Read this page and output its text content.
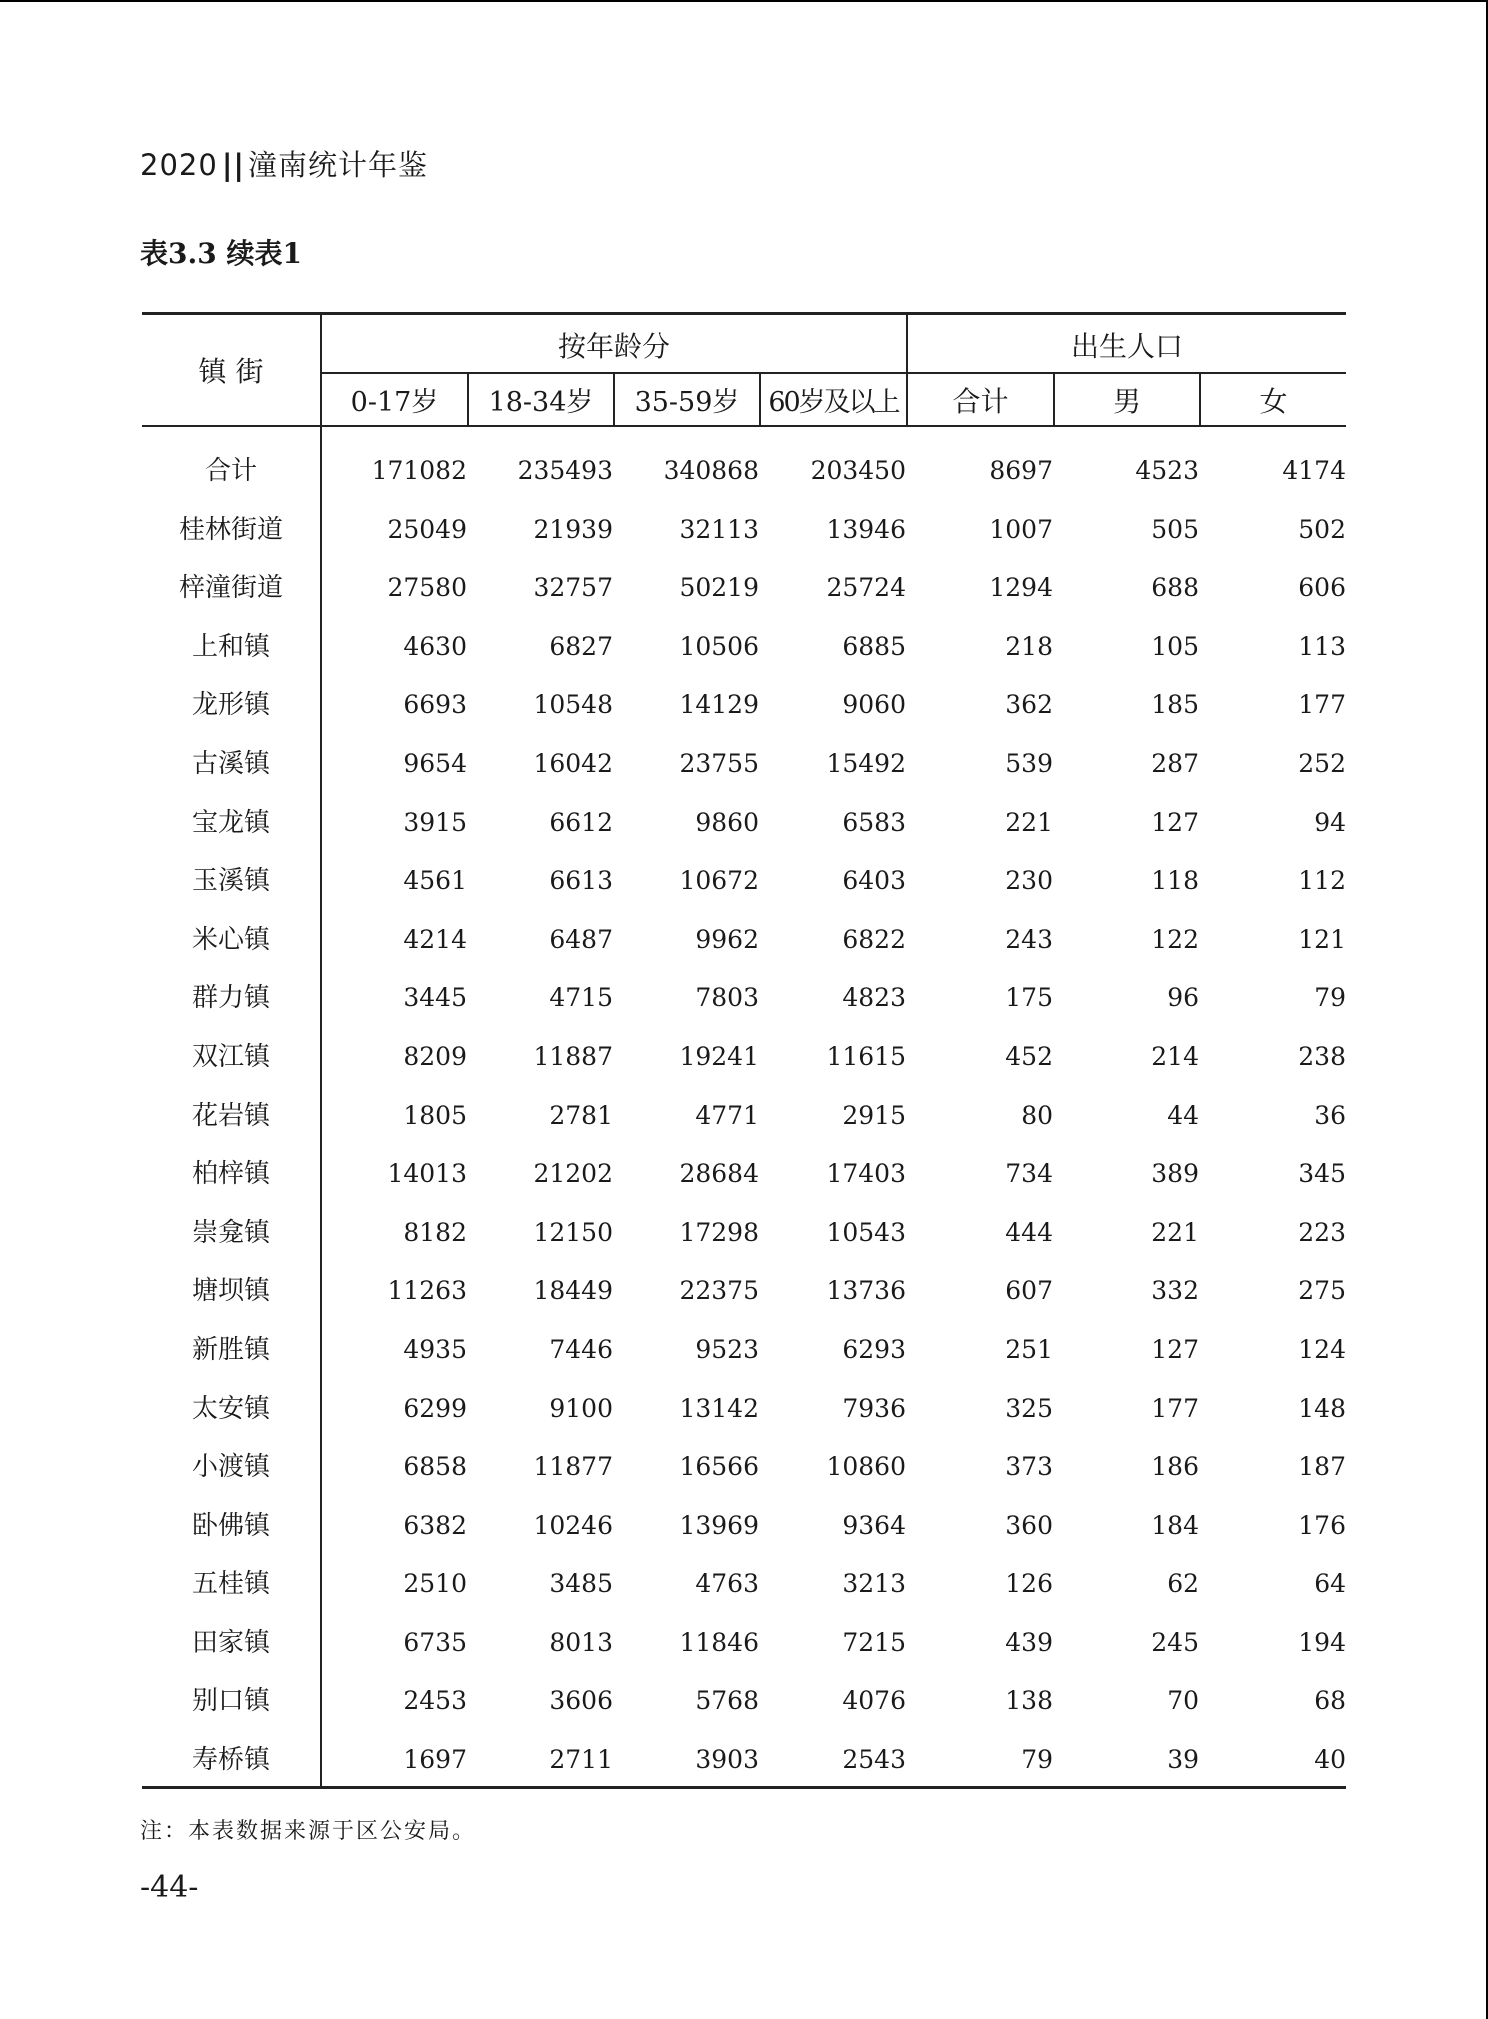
2020 || 潼南统计年鉴
表3.3 续表1
镇 街
按年龄分	出生人口
0-17岁	18-34岁	35-59岁	60岁及以上	合计	男	女
合计	171082 235493 340868 203450	8697	4523	4174
桂林街道	25049	21939	32113	13946	1007	505	502
梓潼街道	27580	32757	50219	25724	1294	688	606
上和镇	4630	6827	10506	6885	218	105	113
龙形镇	6693	10548	14129	9060	362	185	177
古溪镇	9654	16042	23755	15492	539	287	252
宝龙镇	3915	6612	9860	6583	221	127	94
玉溪镇	4561	6613	10672	6403	230	118	112
米心镇	4214	6487	9962	6822	243	122	121
群力镇	3445	4715	7803	4823	175	96	79
双江镇	8209	11887	19241	11615	452	214	238
花岩镇	1805	2781	4771	2915	80	44	36
柏梓镇	14013	21202	28684	17403	734	389	345
崇龛镇	8182	12150	17298	10543	444	221	223
塘坝镇	11263	18449	22375	13736	607	332	275
新胜镇	4935	7446	9523	6293	251	127	124
太安镇	6299	9100	13142	7936	325	177	148
小渡镇	6858	11877	16566	10860	373	186	187
卧佛镇	6382	10246	13969	9364	360	184	176
五桂镇	2510	3485	4763	3213	126	62	64
田家镇	6735	8013	11846	7215	439	245	194
别口镇	2453	3606	5768	4076	138	70	68
寿桥镇	1697	2711	3903	2543	79	39	40
注：本表数据来源于区公安局。
-44-
